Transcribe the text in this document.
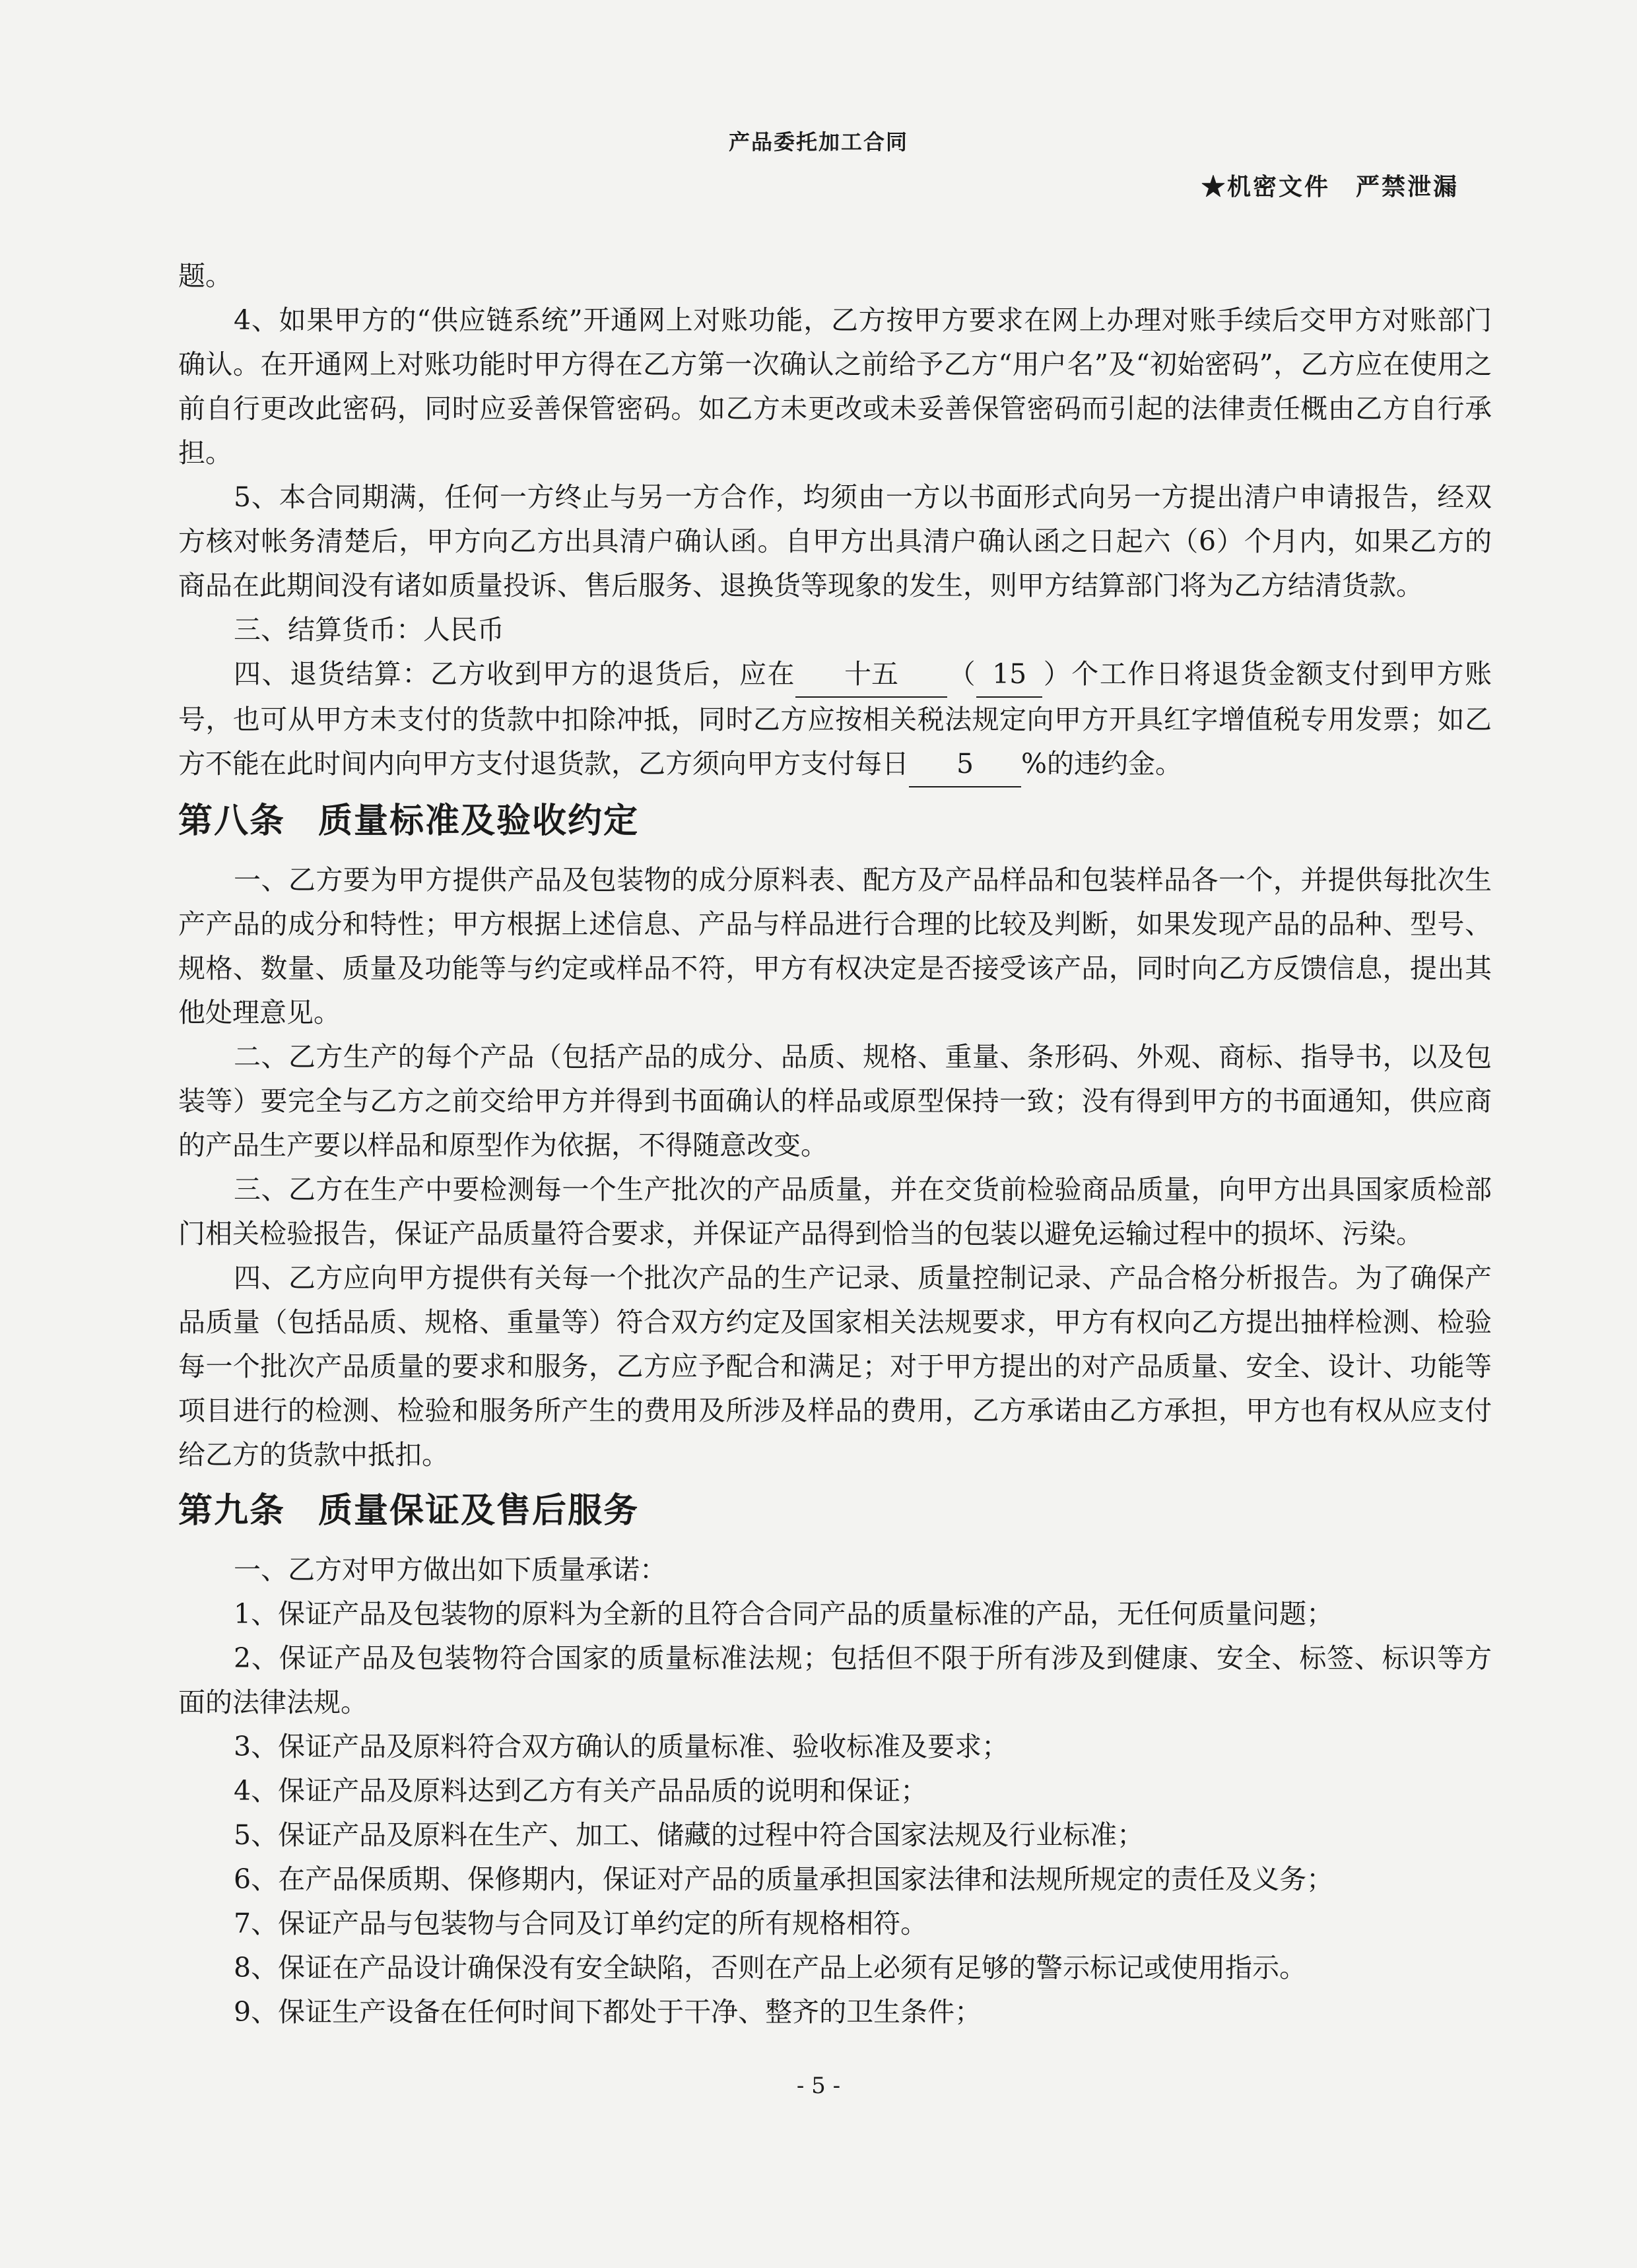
产品委托加工合同
★机密文件　严禁泄漏

题。

4、如果甲方的“供应链系统”开通网上对账功能，乙方按甲方要求在网上办理对账手续后交甲方对账部门确认。在开通网上对账功能时甲方得在乙方第一次确认之前给予乙方“用户名”及“初始密码”，乙方应在使用之前自行更改此密码，同时应妥善保管密码。如乙方未更改或未妥善保管密码而引起的法律责任概由乙方自行承担。

5、本合同期满，任何一方终止与另一方合作，均须由一方以书面形式向另一方提出清户申请报告，经双方核对帐务清楚后，甲方向乙方出具清户确认函。自甲方出具清户确认函之日起六（6）个月内，如果乙方的商品在此期间没有诸如质量投诉、售后服务、退换货等现象的发生，则甲方结算部门将为乙方结清货款。

三、结算货币：人民币

四、退货结算：乙方收到甲方的退货后，应在 十五 （ 15 ）个工作日将退货金额支付到甲方账号，也可从甲方未支付的货款中扣除冲抵，同时乙方应按相关税法规定向甲方开具红字增值税专用发票；如乙方不能在此时间内向甲方支付退货款，乙方须向甲方支付每日 5 %的违约金。

第八条 质量标准及验收约定

一、乙方要为甲方提供产品及包装物的成分原料表、配方及产品样品和包装样品各一个，并提供每批次生产产品的成分和特性；甲方根据上述信息、产品与样品进行合理的比较及判断，如果发现产品的品种、型号、规格、数量、质量及功能等与约定或样品不符，甲方有权决定是否接受该产品，同时向乙方反馈信息，提出其他处理意见。

二、乙方生产的每个产品（包括产品的成分、品质、规格、重量、条形码、外观、商标、指导书，以及包装等）要完全与乙方之前交给甲方并得到书面确认的样品或原型保持一致；没有得到甲方的书面通知，供应商的产品生产要以样品和原型作为依据，不得随意改变。

三、乙方在生产中要检测每一个生产批次的产品质量，并在交货前检验商品质量，向甲方出具国家质检部门相关检验报告，保证产品质量符合要求，并保证产品得到恰当的包装以避免运输过程中的损坏、污染。

四、乙方应向甲方提供有关每一个批次产品的生产记录、质量控制记录、产品合格分析报告。为了确保产品质量（包括品质、规格、重量等）符合双方约定及国家相关法规要求，甲方有权向乙方提出抽样检测、检验每一个批次产品质量的要求和服务，乙方应予配合和满足；对于甲方提出的对产品质量、安全、设计、功能等项目进行的检测、检验和服务所产生的费用及所涉及样品的费用，乙方承诺由乙方承担，甲方也有权从应支付给乙方的货款中抵扣。

第九条 质量保证及售后服务

一、乙方对甲方做出如下质量承诺：

1、保证产品及包装物的原料为全新的且符合合同产品的质量标准的产品，无任何质量问题；

2、保证产品及包装物符合国家的质量标准法规；包括但不限于所有涉及到健康、安全、标签、标识等方面的法律法规。

3、保证产品及原料符合双方确认的质量标准、验收标准及要求；

4、保证产品及原料达到乙方有关产品品质的说明和保证；

5、保证产品及原料在生产、加工、储藏的过程中符合国家法规及行业标准；

6、在产品保质期、保修期内，保证对产品的质量承担国家法律和法规所规定的责任及义务；

7、保证产品与包装物与合同及订单约定的所有规格相符。

8、保证在产品设计确保没有安全缺陷，否则在产品上必须有足够的警示标记或使用指示。

9、保证生产设备在任何时间下都处于干净、整齐的卫生条件；

- 5 -
